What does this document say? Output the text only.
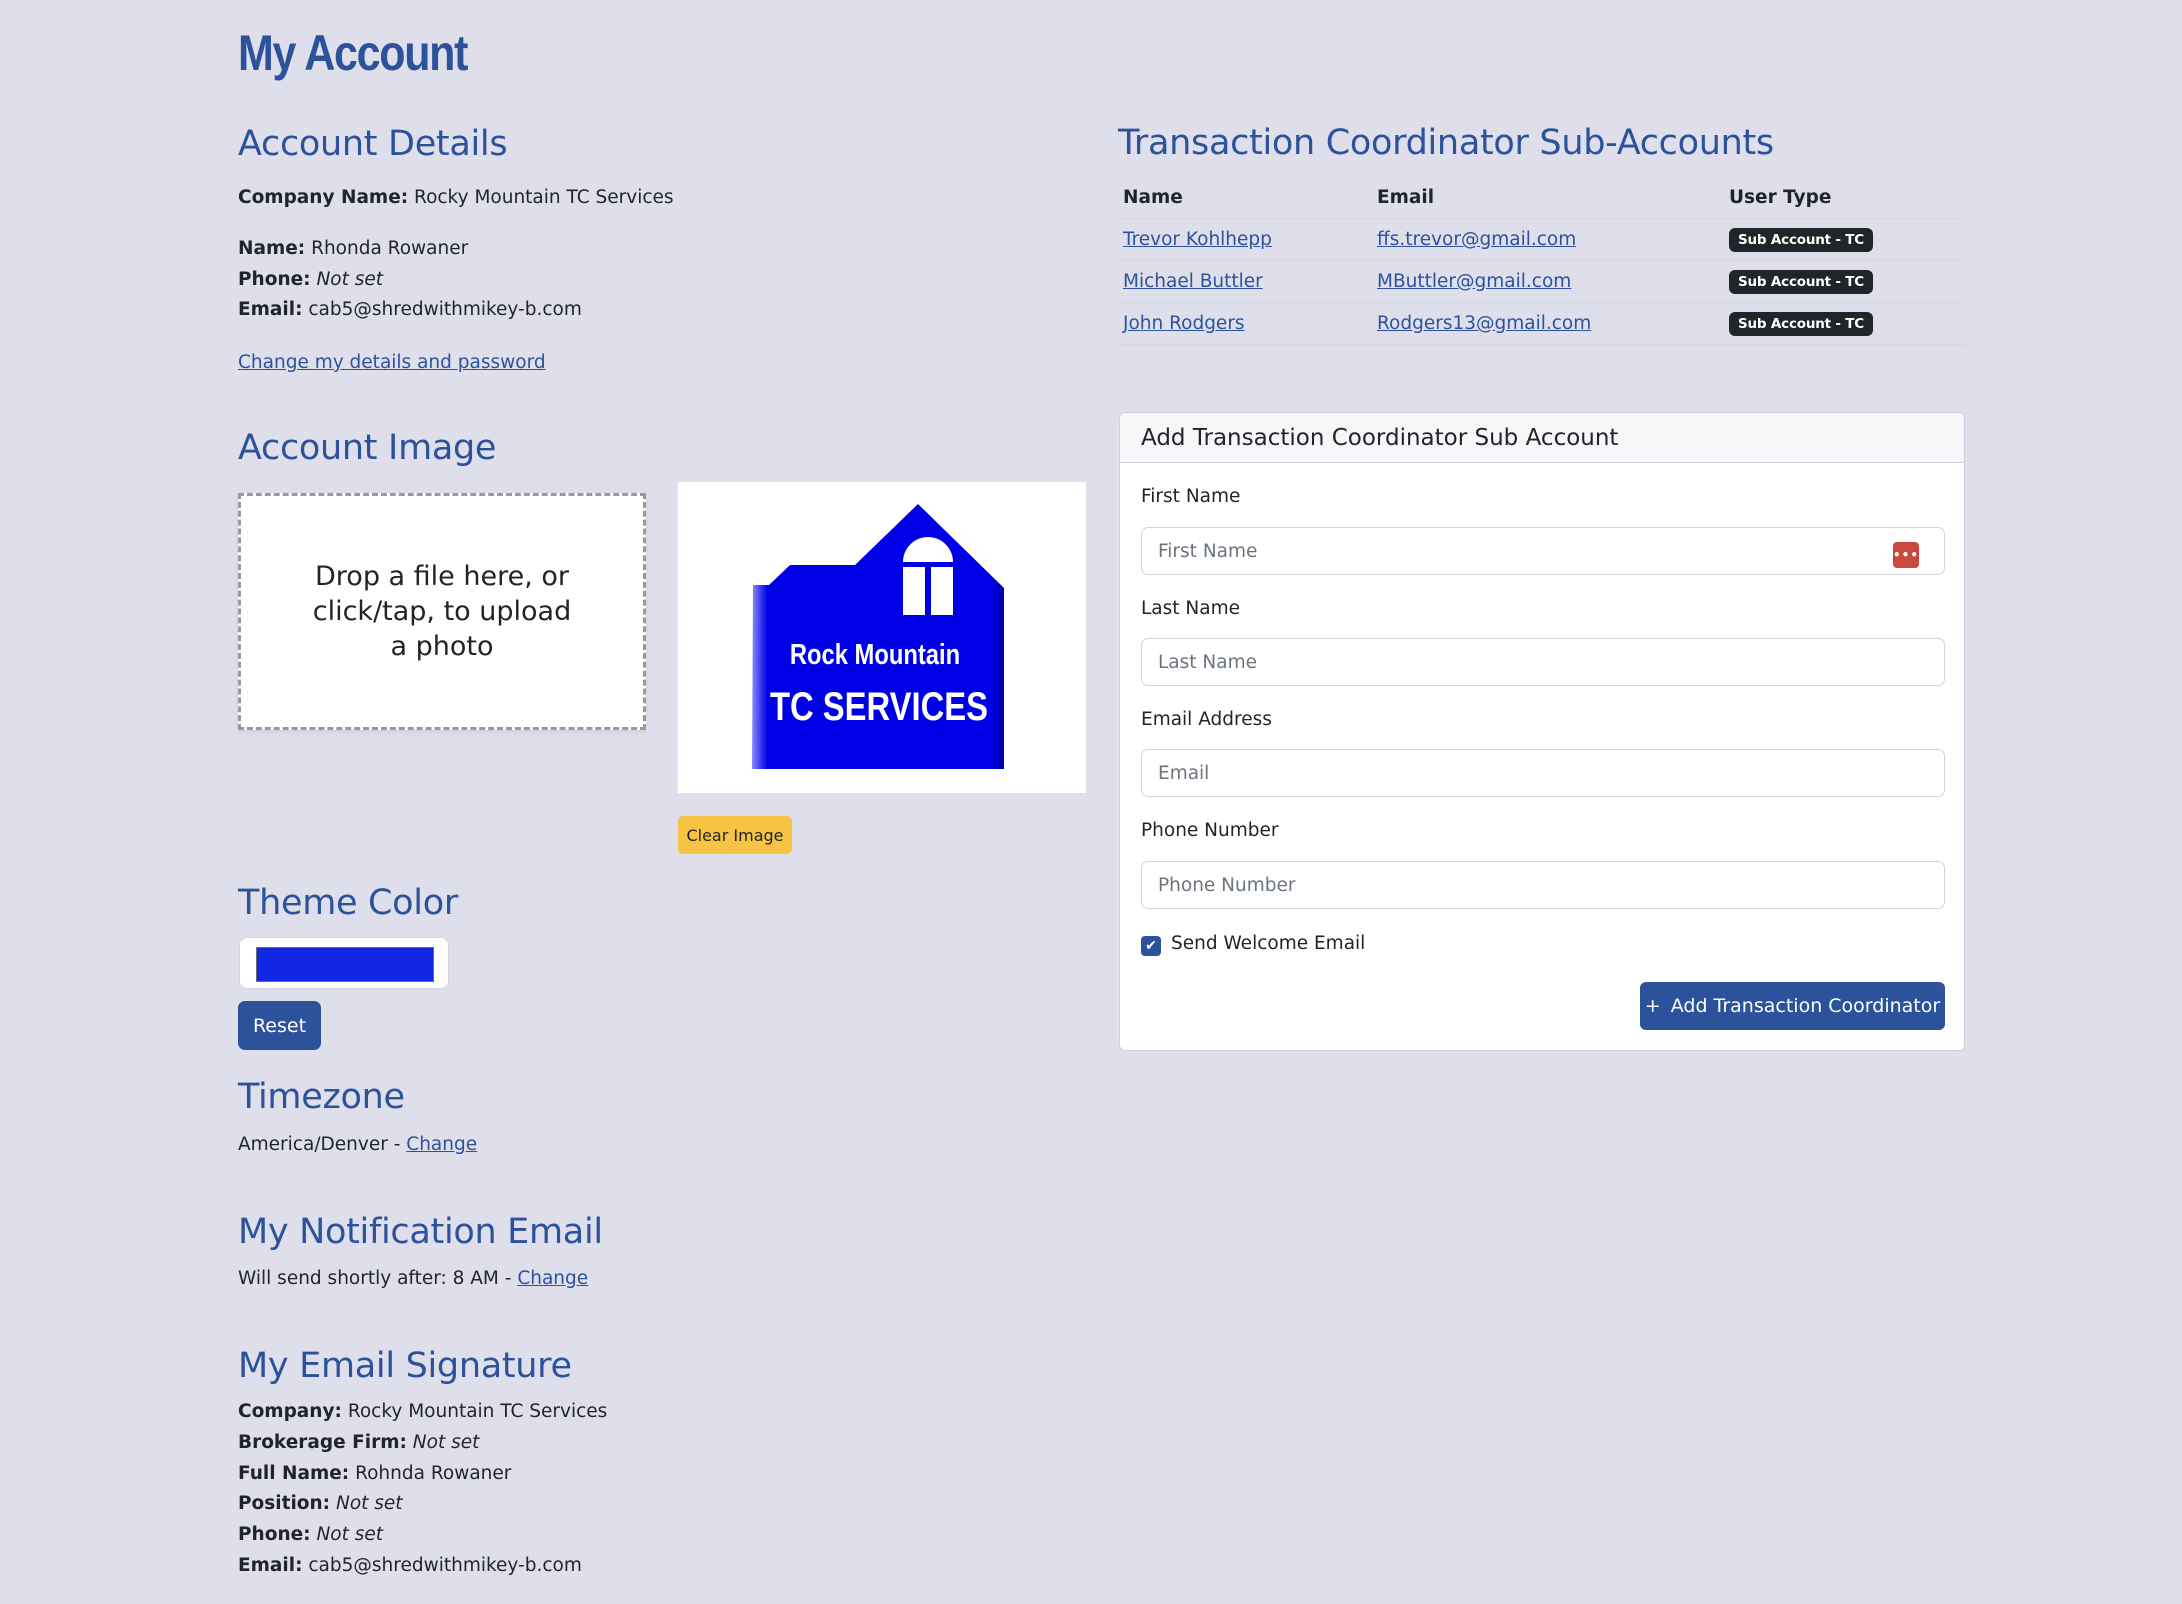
My Account
Account Details
Company Name: Rocky Mountain TC Services
Name: Rhonda Rowaner
Phone: Not set
Email: cab5@shredwithmikey-b.com
Change my details and password
Account Image
Drop a file here, or click/tap, to upload a photo	Rock Mountain
TC SERVICES
Clear Image
Theme Color
Reset
Timezone
America/Denver - Change
My Notification Email
Will send shortly after: 8 AM - Change
My Email Signature
Company: Rocky Mountain TC Services
Brokerage Firm: Not set
Full Name: Rohnda Rowaner
Position: Not set
Phone: Not set
Email: cab5@shredwithmikey-b.com
Transaction Coordinator Sub-Accounts
Name	Email	User Type
Trevor Kohlhepp	ffs.trevor@gmail.com	Sub Account - TC
Michael Buttler	MButtler@gmail.com	Sub Account - TC
John Rodgers	Rodgers13@gmail.com	Sub Account - TC
Add Transaction Coordinator Sub Account
First Name
First Name
•••
Last Name
Last Name
Email Address
Email
Phone Number
Phone Number
✔ Send Welcome Email
+ Add Transaction Coordinator
